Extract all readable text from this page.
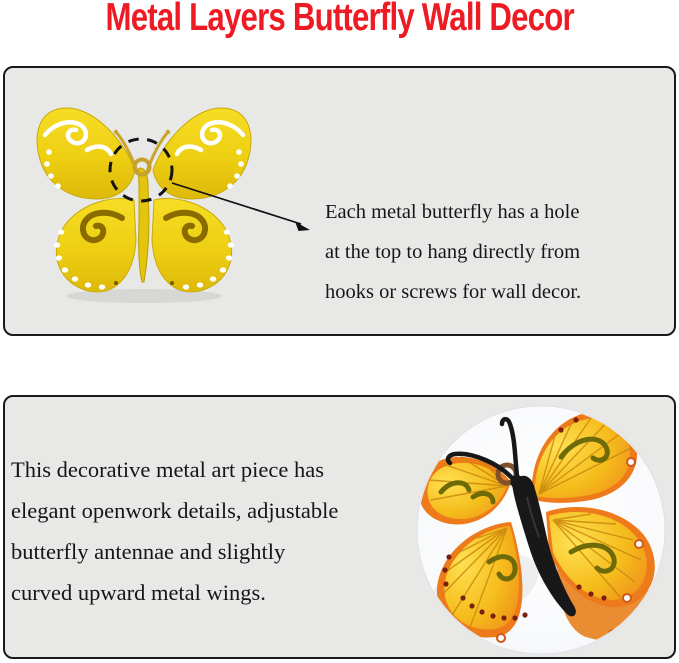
Metal Layers Butterfly Wall Decor
Each metal butterfly has a hole
at the top to hang directly from
hooks or screws for wall decor.
This decorative metal art piece has
elegant openwork details, adjustable
butterfly antennae and slightly
curved upward metal wings.
